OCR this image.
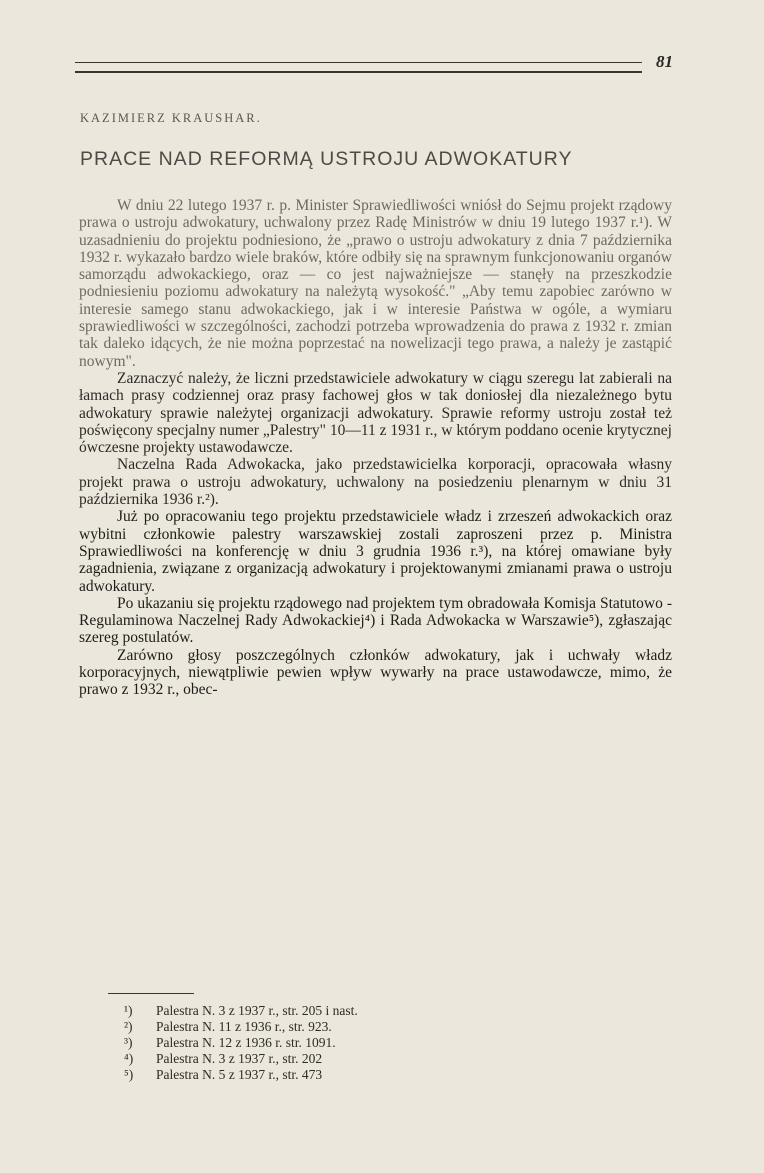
81
KAZIMIERZ KRAUSHAR.
PRACE NAD REFORMĄ USTROJU ADWOKATURY

W dniu 22 lutego 1937 r. p. Minister Sprawiedliwości wniósł do Sejmu projekt rządowy prawa o ustroju adwokatury, uchwalony przez Radę Ministrów w dniu 19 lutego 1937 r.¹). W uzasadnieniu do projektu podniesiono, że „prawo o ustroju adwokatury z dnia 7 października 1932 r. wykazało bardzo wiele braków, które odbiły się na sprawnym funkcjonowaniu organów samorządu adwokackiego, oraz — co jest najważniejsze — stanęły na przeszkodzie podniesieniu poziomu adwokatury na należytą wysokość." „Aby temu zapobiec zarówno w interesie samego stanu adwokackiego, jak i w interesie Państwa w ogóle, a wymiaru sprawiedliwości w szczególności, zachodzi potrzeba wprowadzenia do prawa z 1932 r. zmian tak daleko idących, że nie można poprzestać na nowelizacji tego prawa, a należy je zastąpić nowym".

Zaznaczyć należy, że liczni przedstawiciele adwokatury w ciągu szeregu lat zabierali na łamach prasy codziennej oraz prasy fachowej głos w tak doniosłej dla niezależnego bytu adwokatury sprawie należytej organizacji adwokatury. Sprawie reformy ustroju został też poświęcony specjalny numer „Palestry" 10—11 z 1931 r., w którym poddano ocenie krytycznej ówczesne projekty ustawodawcze.

Naczelna Rada Adwokacka, jako przedstawicielka korporacji, opracowała własny projekt prawa o ustroju adwokatury, uchwalony na posiedzeniu plenarnym w dniu 31 października 1936 r.²).

Już po opracowaniu tego projektu przedstawiciele władz i zrzeszeń adwokackich oraz wybitni członkowie palestry warszawskiej zostali zaproszeni przez p. Ministra Sprawiedliwości na konferencję w dniu 3 grudnia 1936 r.³), na której omawiane były zagadnienia, związane z organizacją adwokatury i projektowanymi zmianami prawa o ustroju adwokatury.

Po ukazaniu się projektu rządowego nad projektem tym obradowała Komisja Statutowo - Regulaminowa Naczelnej Rady Adwokackiej⁴) i Rada Adwokacka w Warszawie⁵), zgłaszając szereg postulatów.

Zarówno głosy poszczególnych członków adwokatury, jak i uchwały władz korporacyjnych, niewątpliwie pewien wpływ wywarły na prace ustawodawcze, mimo, że prawo z 1932 r., obec-

¹) Palestra N. 3 z 1937 r., str. 205 i nast.
²) Palestra N. 11 z 1936 r., str. 923.
³) Palestra N. 12 z 1936 r. str. 1091.
⁴) Palestra N. 3 z 1937 r., str. 202
⁵) Palestra N. 5 z 1937 r., str. 473
